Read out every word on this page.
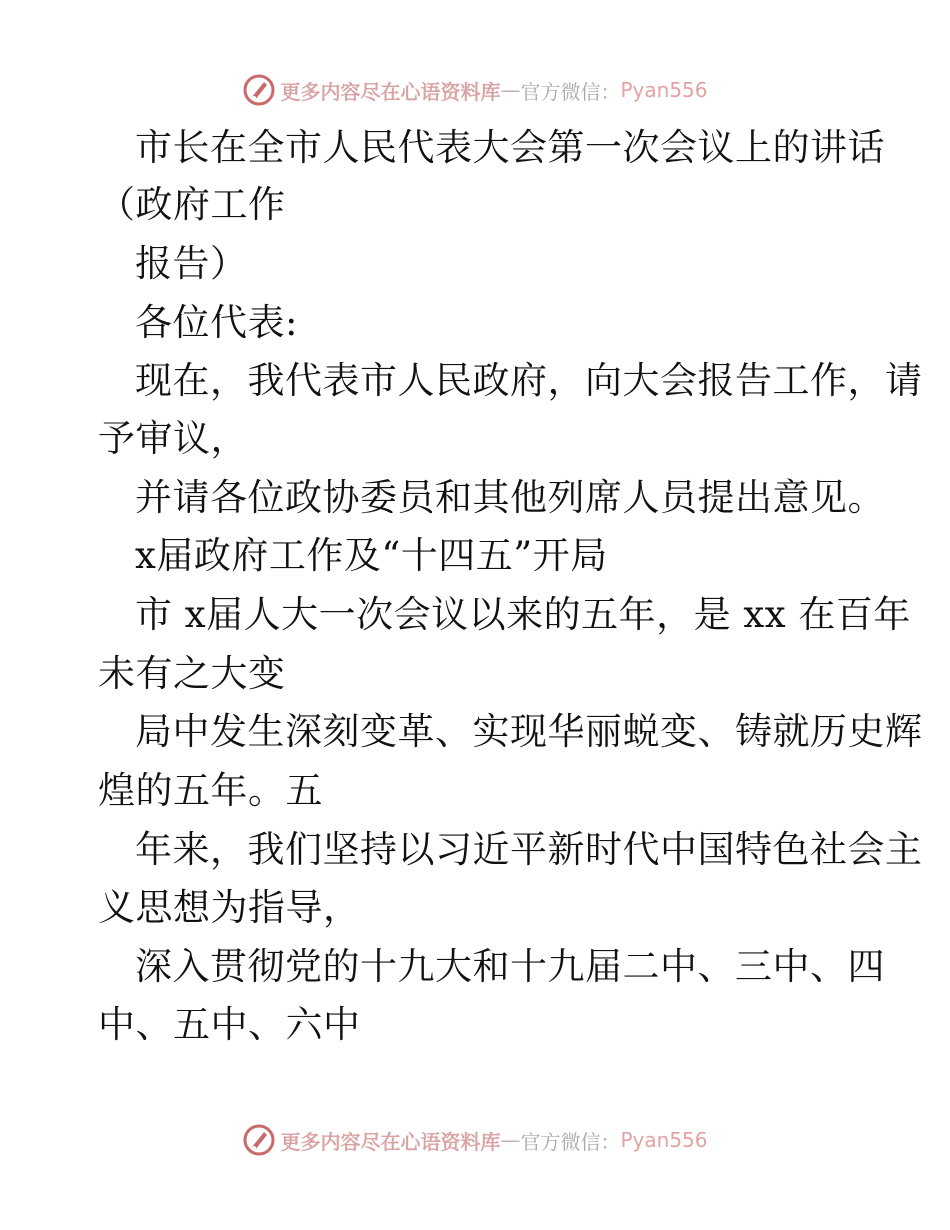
更多内容尽在心语资料库 — 官方微信： Pyan556
市长在全市人民代表大会第一次会议上的讲话
（政府工作
报告）
各位代表:
现在，我代表市人民政府，向大会报告工作，请
予审议，
并请各位政协委员和其他列席人员提出意见。
x届政府工作及“十四五”开局
市 x届人大一次会议以来的五年，是 xx 在百年
未有之大变
局中发生深刻变革、实现华丽蜕变、铸就历史辉
煌的五年。五
年来，我们坚持以习近平新时代中国特色社会主
义思想为指导，
深入贯彻党的十九大和十九届二中、三中、四
中、五中、六中
更多内容尽在心语资料库 — 官方微信： Pyan556
